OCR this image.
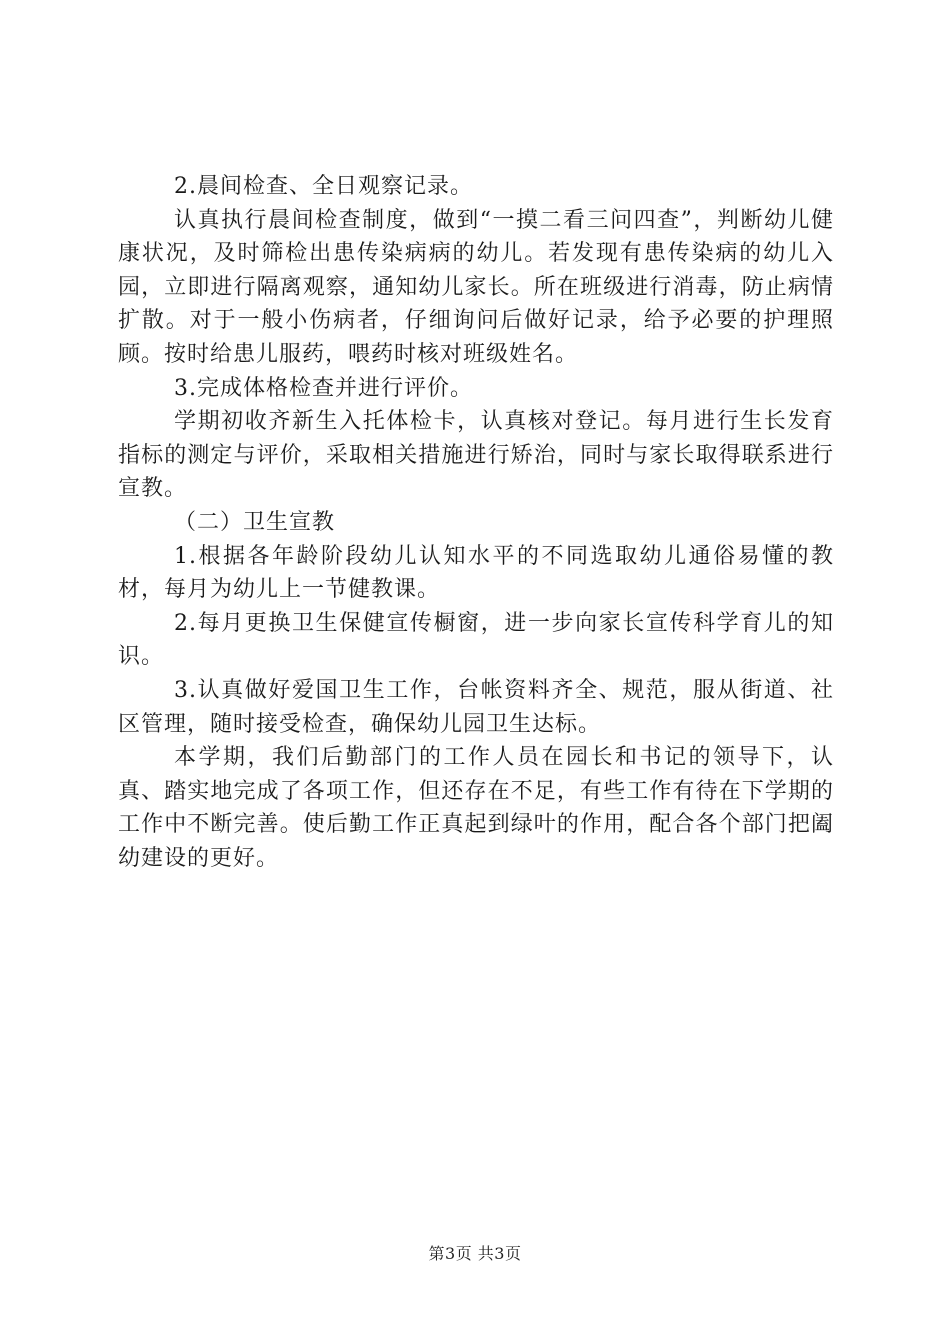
2.晨间检查、全日观察记录。

认真执行晨间检查制度，做到“一摸二看三问四查”，判断幼儿健康状况，及时筛检出患传染病病的幼儿。若发现有患传染病的幼儿入园，立即进行隔离观察，通知幼儿家长。所在班级进行消毒，防止病情扩散。对于一般小伤病者，仔细询问后做好记录，给予必要的护理照顾。按时给患儿服药，喂药时核对班级姓名。

3.完成体格检查并进行评价。

学期初收齐新生入托体检卡，认真核对登记。每月进行生长发育指标的测定与评价，采取相关措施进行矫治，同时与家长取得联系进行宣教。

（二）卫生宣教

1.根据各年龄阶段幼儿认知水平的不同选取幼儿通俗易懂的教材，每月为幼儿上一节健教课。

2.每月更换卫生保健宣传橱窗，进一步向家长宣传科学育儿的知识。

3.认真做好爱国卫生工作，台帐资料齐全、规范，服从街道、社区管理，随时接受检查，确保幼儿园卫生达标。

本学期，我们后勤部门的工作人员在园长和书记的领导下，认真、踏实地完成了各项工作，但还存在不足，有些工作有待在下学期的工作中不断完善。使后勤工作正真起到绿叶的作用，配合各个部门把阖幼建设的更好。

第3页 共3页
